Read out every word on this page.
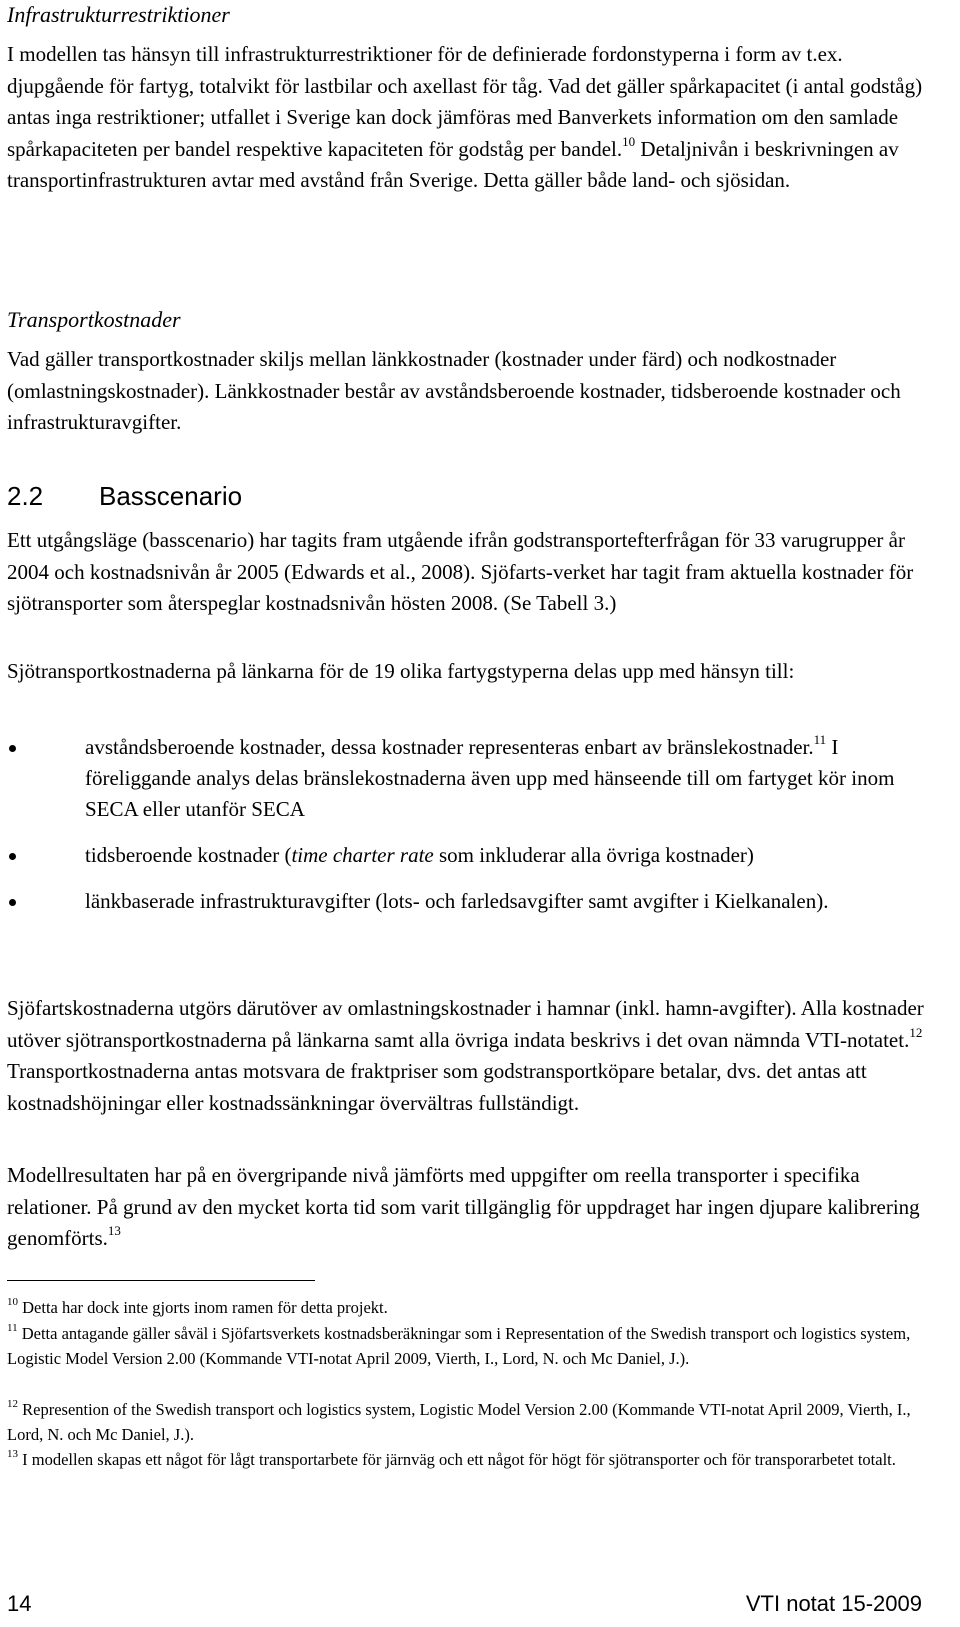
Infrastrukturrestriktioner

I modellen tas hänsyn till infrastrukturrestriktioner för de definierade fordonstyperna i form av t.ex. djupgående för fartyg, totalvikt för lastbilar och axellast för tåg. Vad det gäller spårkapacitet (i antal godståg) antas inga restriktioner; utfallet i Sverige kan dock jämföras med Banverkets information om den samlade spårkapaciteten per bandel respektive kapaciteten för godståg per bandel.$^{10}$ Detaljnivån i beskrivningen av transportinfrastrukturen avtar med avstånd från Sverige. Detta gäller både land- och sjösidan.

Transportkostnader

Vad gäller transportkostnader skiljs mellan länkkostnader (kostnader under färd) och nodkostnader (omlastningskostnader). Länkkostnader består av avståndsberoende kostnader, tidsberoende kostnader och infrastrukturavgifter.

2.2 Basscenario

Ett utgångsläge (basscenario) har tagits fram utgående ifrån godstransportefterfrågan för 33 varugrupper år 2004 och kostnadsnivån år 2005 (Edwards et al., 2008). Sjöfarts-verket har tagit fram aktuella kostnader för sjötransporter som återspeglar kostnadsnivån hösten 2008. (Se Tabell 3.)

Sjötransportkostnaderna på länkarna för de 19 olika fartygstyperna delas upp med hänsyn till:

avståndsberoende kostnader, dessa kostnader representeras enbart av bränslekostnader.$^{11}$ I föreliggande analys delas bränslekostnaderna även upp med hänseende till om fartyget kör inom SECA eller utanför SECA
tidsberoende kostnader (time charter rate som inkluderar alla övriga kostnader)
länkbaserade infrastrukturavgifter (lots- och farledsavgifter samt avgifter i Kielkanalen).

Sjöfartskostnaderna utgörs därutöver av omlastningskostnader i hamnar (inkl. hamn-avgifter). Alla kostnader utöver sjötransportkostnaderna på länkarna samt alla övriga indata beskrivs i det ovan nämnda VTI-notatet.$^{12}$ Transportkostnaderna antas motsvara de fraktpriser som godstransportköpare betalar, dvs. det antas att kostnadshöjningar eller kostnadssänkningar övervältras fullständigt.

Modellresultaten har på en övergripande nivå jämförts med uppgifter om reella transporter i specifika relationer. På grund av den mycket korta tid som varit tillgänglig för uppdraget har ingen djupare kalibrering genomförts.$^{13}$

$^{10}$ Detta har dock inte gjorts inom ramen för detta projekt.

$^{11}$ Detta antagande gäller såväl i Sjöfartsverkets kostnadsberäkningar som i Representation of the Swedish transport och logistics system, Logistic Model Version 2.00 (Kommande VTI-notat April 2009, Vierth, I., Lord, N. och Mc Daniel, J.).

$^{12}$ Represention of the Swedish transport och logistics system, Logistic Model Version 2.00 (Kommande VTI-notat April 2009, Vierth, I., Lord, N. och Mc Daniel, J.).

$^{13}$ I modellen skapas ett något för lågt transportarbete för järnväg och ett något för högt för sjötransporter och för transporarbetet totalt.

14	VTI notat 15-2009
